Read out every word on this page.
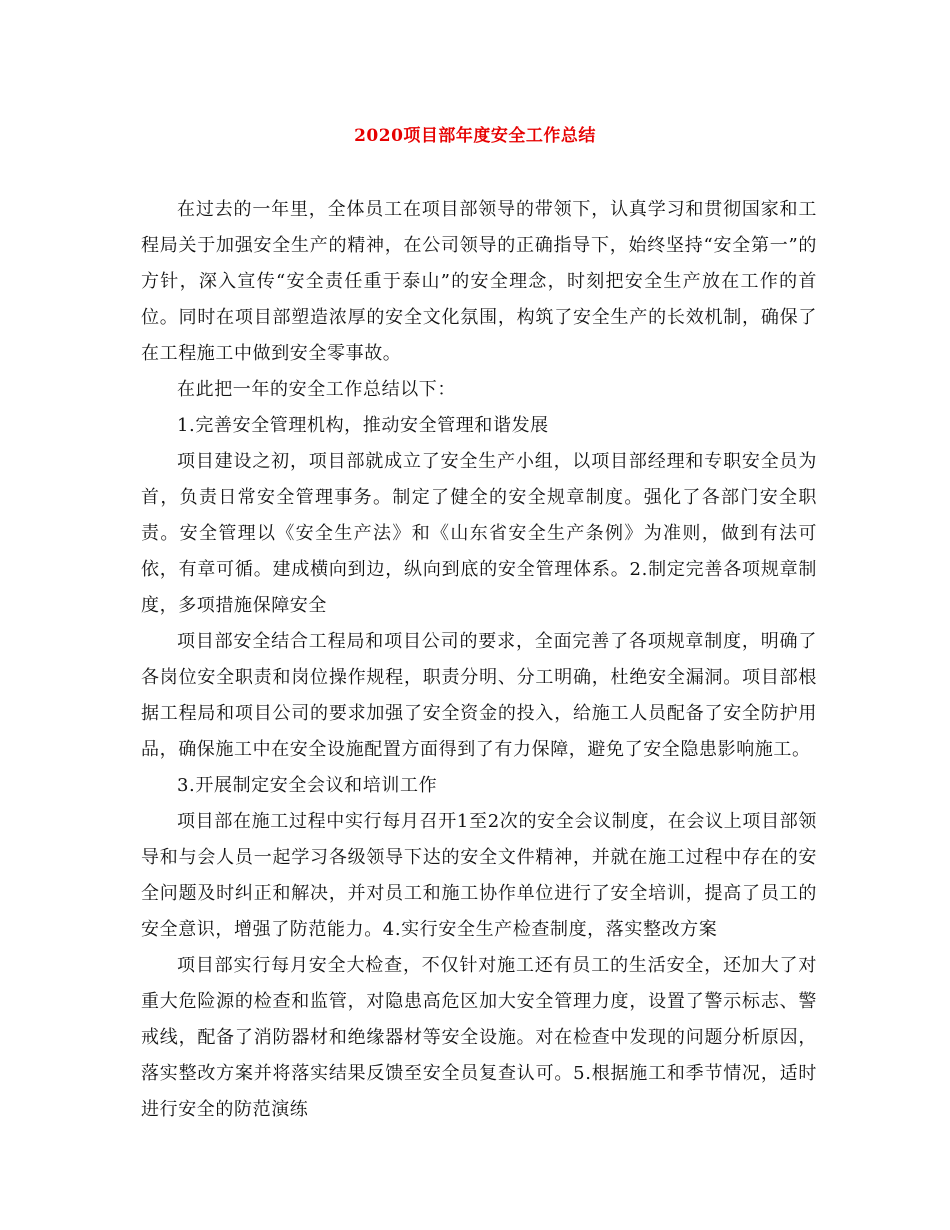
2020项目部年度安全工作总结

在过去的一年里，全体员工在项目部领导的带领下，认真学习和贯彻国家和工程局关于加强安全生产的精神，在公司领导的正确指导下，始终坚持“安全第一”的方针，深入宣传“安全责任重于泰山”的安全理念，时刻把安全生产放在工作的首位。同时在项目部塑造浓厚的安全文化氛围，构筑了安全生产的长效机制，确保了在工程施工中做到安全零事故。

在此把一年的安全工作总结以下：

1.完善安全管理机构，推动安全管理和谐发展

项目建设之初，项目部就成立了安全生产小组，以项目部经理和专职安全员为首，负责日常安全管理事务。制定了健全的安全规章制度。强化了各部门安全职责。安全管理以《安全生产法》和《山东省安全生产条例》为准则，做到有法可依，有章可循。建成横向到边，纵向到底的安全管理体系。2.制定完善各项规章制度，多项措施保障安全

项目部安全结合工程局和项目公司的要求，全面完善了各项规章制度，明确了各岗位安全职责和岗位操作规程，职责分明、分工明确，杜绝安全漏洞。项目部根据工程局和项目公司的要求加强了安全资金的投入，给施工人员配备了安全防护用品，确保施工中在安全设施配置方面得到了有力保障，避免了安全隐患影响施工。

3.开展制定安全会议和培训工作

项目部在施工过程中实行每月召开1至2次的安全会议制度，在会议上项目部领导和与会人员一起学习各级领导下达的安全文件精神，并就在施工过程中存在的安全问题及时纠正和解决，并对员工和施工协作单位进行了安全培训，提高了员工的安全意识，增强了防范能力。4.实行安全生产检查制度，落实整改方案

项目部实行每月安全大检查，不仅针对施工还有员工的生活安全，还加大了对重大危险源的检查和监管，对隐患高危区加大安全管理力度，设置了警示标志、警戒线，配备了消防器材和绝缘器材等安全设施。对在检查中发现的问题分析原因，落实整改方案并将落实结果反馈至安全员复查认可。5.根据施工和季节情况，适时进行安全的防范演练
